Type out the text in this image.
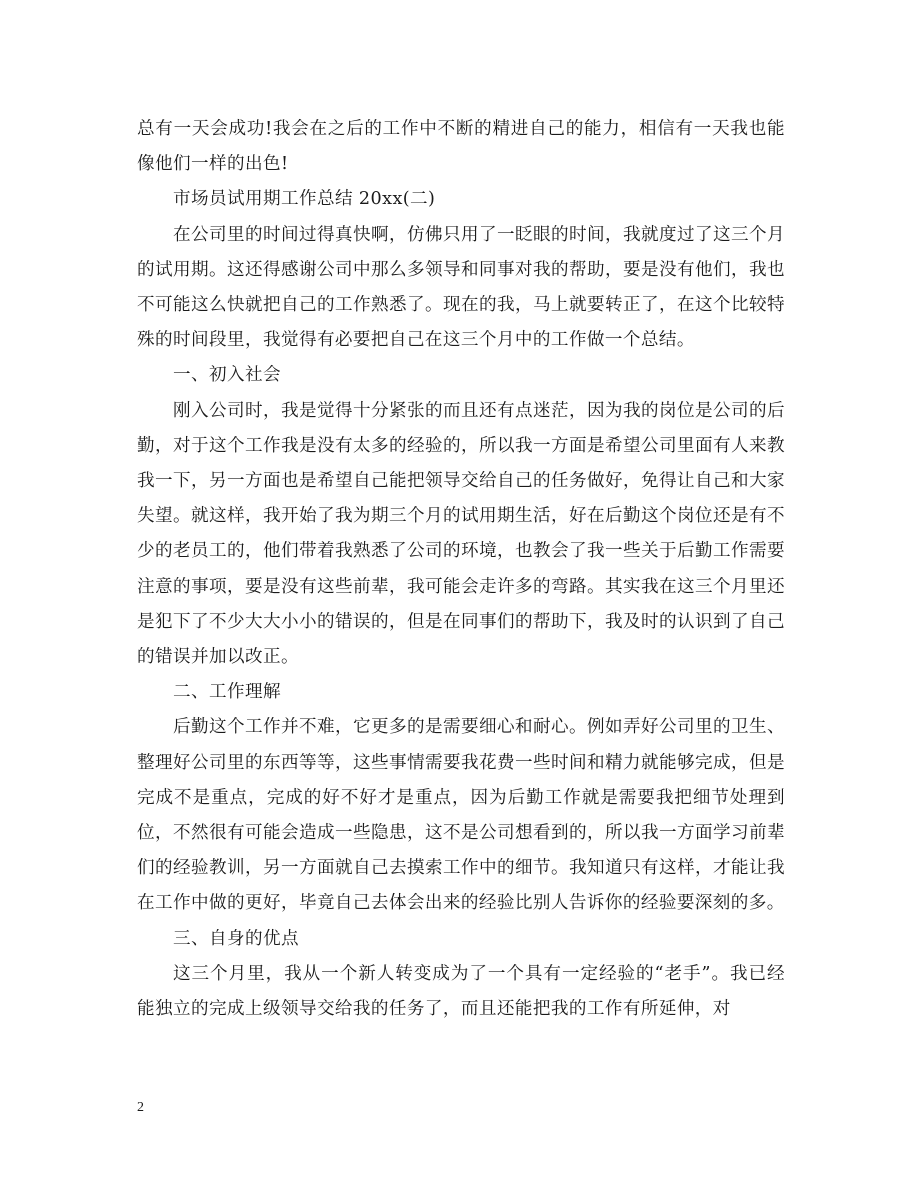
总有一天会成功!我会在之后的工作中不断的精进自己的能力，相信有一天我也能像他们一样的出色!

市场员试用期工作总结 20xx(二)

在公司里的时间过得真快啊，仿佛只用了一眨眼的时间，我就度过了这三个月的试用期。这还得感谢公司中那么多领导和同事对我的帮助，要是没有他们，我也不可能这么快就把自己的工作熟悉了。现在的我，马上就要转正了，在这个比较特殊的时间段里，我觉得有必要把自己在这三个月中的工作做一个总结。

一、初入社会

刚入公司时，我是觉得十分紧张的而且还有点迷茫，因为我的岗位是公司的后勤，对于这个工作我是没有太多的经验的，所以我一方面是希望公司里面有人来教我一下，另一方面也是希望自己能把领导交给自己的任务做好，免得让自己和大家失望。就这样，我开始了我为期三个月的试用期生活，好在后勤这个岗位还是有不少的老员工的，他们带着我熟悉了公司的环境，也教会了我一些关于后勤工作需要注意的事项，要是没有这些前辈，我可能会走许多的弯路。其实我在这三个月里还是犯下了不少大大小小的错误的，但是在同事们的帮助下，我及时的认识到了自己的错误并加以改正。

二、工作理解

后勤这个工作并不难，它更多的是需要细心和耐心。例如弄好公司里的卫生、整理好公司里的东西等等，这些事情需要我花费一些时间和精力就能够完成，但是完成不是重点，完成的好不好才是重点，因为后勤工作就是需要我把细节处理到位，不然很有可能会造成一些隐患，这不是公司想看到的，所以我一方面学习前辈们的经验教训，另一方面就自己去摸索工作中的细节。我知道只有这样，才能让我在工作中做的更好，毕竟自己去体会出来的经验比别人告诉你的经验要深刻的多。

三、自身的优点

这三个月里，我从一个新人转变成为了一个具有一定经验的“老手”。我已经能独立的完成上级领导交给我的任务了，而且还能把我的工作有所延伸，对

2
